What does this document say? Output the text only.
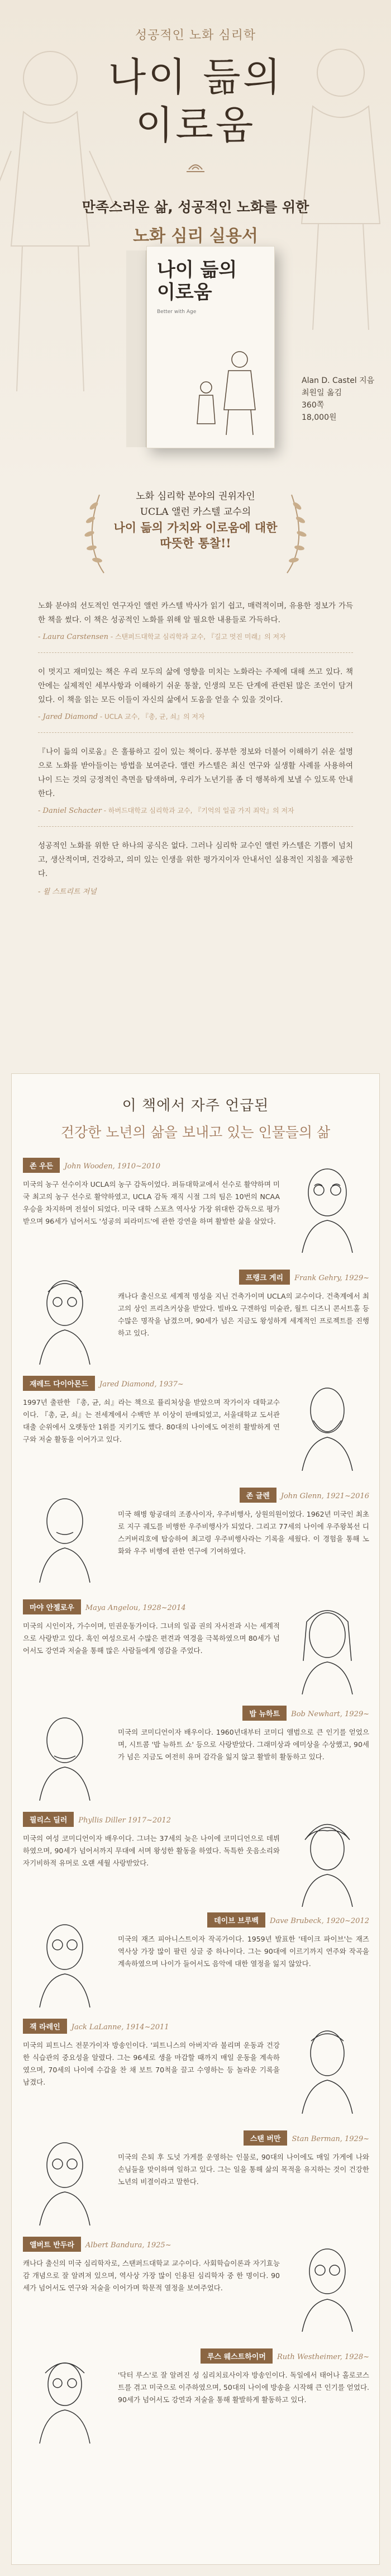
성공적인 노화 심리학
나이 듦의
이로움
만족스러운 삶, 성공적인 노화를 위한
노화 심리 실용서
나이 듦의
이로움
Better with Age
Alan D. Castel 지음
최원일 옮김
360쪽
18,000원
노화 심리학 분야의 권위자인
UCLA 앨런 카스텔 교수의
나이 듦의 가치와 이로움에 대한
따뜻한 통찰!!

노화 분야의 선도적인 연구자인 앨런 카스텔 박사가 읽기 쉽고, 매력적이며, 유용한 정보가 가득한 책을 썼다. 이 책은 성공적인 노화를 위해 알 필요한 내용들로 가득하다.

- Laura Carstensen - 스탠퍼드대학교 심리학과 교수, 『길고 멋진 미래』의 저자

이 멋지고 재미있는 책은 우리 모두의 삶에 영향을 미치는 노화라는 주제에 대해 쓰고 있다. 책 안에는 실제적인 세부사항과 이해하기 쉬운 통찰, 인생의 모든 단계에 관련된 많은 조언이 담겨 있다. 이 책을 읽는 모든 이들이 자신의 삶에서 도움을 얻을 수 있을 것이다.

- Jared Diamond - UCLA 교수, 『총, 균, 쇠』의 저자

『나이 듦의 이로움』은 훌륭하고 깊이 있는 책이다. 풍부한 정보와 더불어 이해하기 쉬운 설명으로 노화를 받아들이는 방법을 보여준다. 앨런 카스텔은 최신 연구와 실생활 사례를 사용하여 나이 드는 것의 긍정적인 측면을 탐색하며, 우리가 노년기를 좀 더 행복하게 보낼 수 있도록 안내한다.

- Daniel Schacter - 하버드대학교 심리학과 교수, 『기억의 일곱 가지 죄악』의 저자

성공적인 노화를 위한 단 하나의 공식은 없다. 그러나 심리학 교수인 앨런 카스텔은 기쁨이 넘치고, 생산적이며, 건강하고, 의미 있는 인생을 위한 평가지이자 안내서인 실용적인 지침을 제공한다.

- 윌 스트리트 저널
이 책에서 자주 언급된
건강한 노년의 삶을 보내고 있는 인물들의 삶
존 우든 John Wooden, 1910~2010

미국의 농구 선수이자 UCLA의 농구 감독이었다. 퍼듀대학교에서 선수로 활약하며 미국 최고의 농구 선수로 활약하였고, UCLA 감독 재직 시절 그의 팀은 10번의 NCAA 우승을 차지하며 전설이 되었다. 미국 대학 스포츠 역사상 가장 위대한 감독으로 평가받으며 96세가 넘어서도 '성공의 피라미드'에 관한 강연을 하며 활발한 삶을 살았다.

프랭크 게리 Frank Gehry, 1929~

캐나다 출신으로 세계적 명성을 지닌 건축가이며 UCLA의 교수이다. 건축계에서 최고의 상인 프리츠커상을 받았다. 빌바오 구겐하임 미술관, 월트 디즈니 콘서트홀 등 수많은 명작을 남겼으며, 90세가 넘은 지금도 왕성하게 세계적인 프로젝트를 진행하고 있다.

재레드 다이아몬드 Jared Diamond, 1937~

1997년 출판한 『총, 균, 쇠』라는 책으로 퓰리처상을 받았으며 작가이자 대학교수이다. 『총, 균, 쇠』는 전세계에서 수백만 부 이상이 판매되었고, 서울대학교 도서관 대출 순위에서 오랫동안 1위를 지키기도 했다. 80대의 나이에도 여전히 활발하게 연구와 저술 활동을 이어가고 있다.

존 글렌 John Glenn, 1921~2016

미국 해병 항공대의 조종사이자, 우주비행사, 상원의원이었다. 1962년 미국인 최초로 지구 궤도를 비행한 우주비행사가 되었다. 그리고 77세의 나이에 우주왕복선 디스커버리호에 탑승하여 최고령 우주비행사라는 기록을 세웠다. 이 경험을 통해 노화와 우주 비행에 관한 연구에 기여하였다.

마야 안젤로우 Maya Angelou, 1928~2014

미국의 시인이자, 가수이며, 민권운동가이다. 그녀의 일곱 권의 자서전과 시는 세계적으로 사랑받고 있다. 흑인 여성으로서 수많은 편견과 역경을 극복하였으며 80세가 넘어서도 강연과 저술을 통해 많은 사람들에게 영감을 주었다.

밥 뉴하트 Bob Newhart, 1929~

미국의 코미디언이자 배우이다. 1960년대부터 코미디 앨범으로 큰 인기를 얻었으며, 시트콤 '밥 뉴하트 쇼' 등으로 사랑받았다. 그래미상과 에미상을 수상했고, 90세가 넘은 지금도 여전히 유머 감각을 잃지 않고 활발히 활동하고 있다.

필리스 딜러 Phyllis Diller 1917~2012

미국의 여성 코미디언이자 배우이다. 그녀는 37세의 늦은 나이에 코미디언으로 데뷔하였으며, 90세가 넘어서까지 무대에 서며 왕성한 활동을 하였다. 독특한 웃음소리와 자기비하적 유머로 오랜 세월 사랑받았다.

데이브 브루벡 Dave Brubeck, 1920~2012

미국의 재즈 피아니스트이자 작곡가이다. 1959년 발표한 '테이크 파이브'는 재즈 역사상 가장 많이 팔린 싱글 중 하나이다. 그는 90대에 이르기까지 연주와 작곡을 계속하였으며 나이가 들어서도 음악에 대한 열정을 잃지 않았다.

잭 라레인 Jack LaLanne, 1914~2011

미국의 피트니스 전문가이자 방송인이다. '피트니스의 아버지'라 불리며 운동과 건강한 식습관의 중요성을 알렸다. 그는 96세로 생을 마감할 때까지 매일 운동을 계속하였으며, 70세의 나이에 수갑을 찬 채 보트 70척을 끌고 수영하는 등 놀라운 기록을 남겼다.

스탠 버만 Stan Berman, 1929~

미국의 은퇴 후 도넛 가게를 운영하는 인물로, 90대의 나이에도 매일 가게에 나와 손님들을 맞이하며 일하고 있다. 그는 일을 통해 삶의 목적을 유지하는 것이 건강한 노년의 비결이라고 말한다.

앨버트 반두라 Albert Bandura, 1925~

캐나다 출신의 미국 심리학자로, 스탠퍼드대학교 교수이다. 사회학습이론과 자기효능감 개념으로 잘 알려져 있으며, 역사상 가장 많이 인용된 심리학자 중 한 명이다. 90세가 넘어서도 연구와 저술을 이어가며 학문적 열정을 보여주었다.

루스 웨스트하이머 Ruth Westheimer, 1928~

'닥터 루스'로 잘 알려진 성 심리치료사이자 방송인이다. 독일에서 태어나 홀로코스트를 겪고 미국으로 이주하였으며, 50대의 나이에 방송을 시작해 큰 인기를 얻었다. 90세가 넘어서도 강연과 저술을 통해 활발하게 활동하고 있다.
